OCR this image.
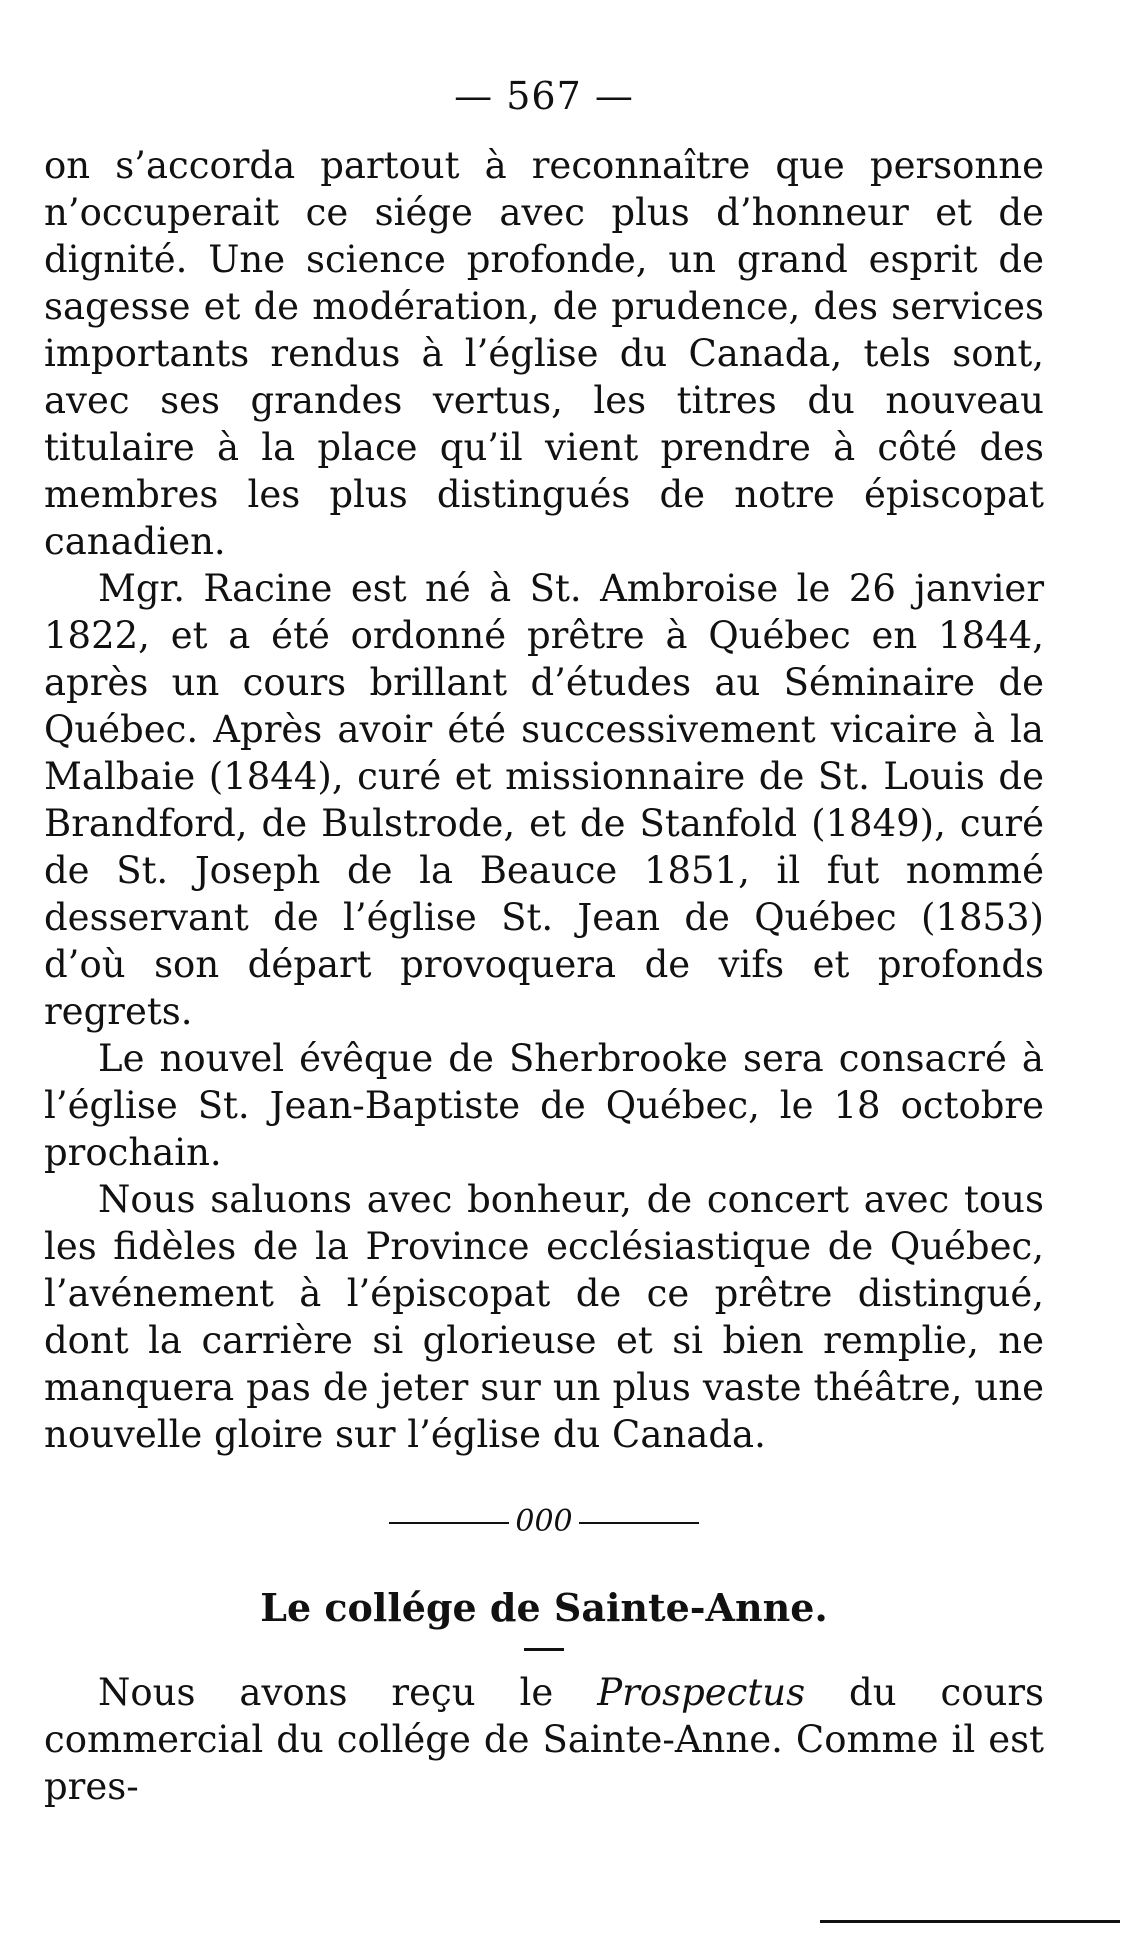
— 567 —

on s’accorda partout à reconnaître que personne n’occuperait ce siége avec plus d’honneur et de dignité. Une science profonde, un grand esprit de sagesse et de modération, de prudence, des services importants rendus à l’église du Canada, tels sont, avec ses grandes vertus, les titres du nouveau titulaire à la place qu’il vient prendre à côté des membres les plus distingués de notre épiscopat canadien.

Mgr. Racine est né à St. Ambroise le 26 janvier 1822, et a été ordonné prêtre à Québec en 1844, après un cours brillant d’études au Séminaire de Québec. Après avoir été successivement vicaire à la Malbaie (1844), curé et missionnaire de St. Louis de Brandford, de Bulstrode, et de Stanfold (1849), curé de St. Joseph de la Beauce 1851, il fut nommé desservant de l’église St. Jean de Québec (1853) d’où son départ provoquera de vifs et profonds regrets.

Le nouvel évêque de Sherbrooke sera consacré à l’église St. Jean-Baptiste de Québec, le 18 octobre prochain.

Nous saluons avec bonheur, de concert avec tous les fidèles de la Province ecclésiastique de Québec, l’avénement à l’épiscopat de ce prêtre distingué, dont la carrière si glorieuse et si bien remplie, ne manquera pas de jeter sur un plus vaste théâtre, une nouvelle gloire sur l’église du Canada.

000
Le collége de Sainte-Anne.

Nous avons reçu le Prospectus du cours commercial du collége de Sainte-Anne. Comme il est pres-
